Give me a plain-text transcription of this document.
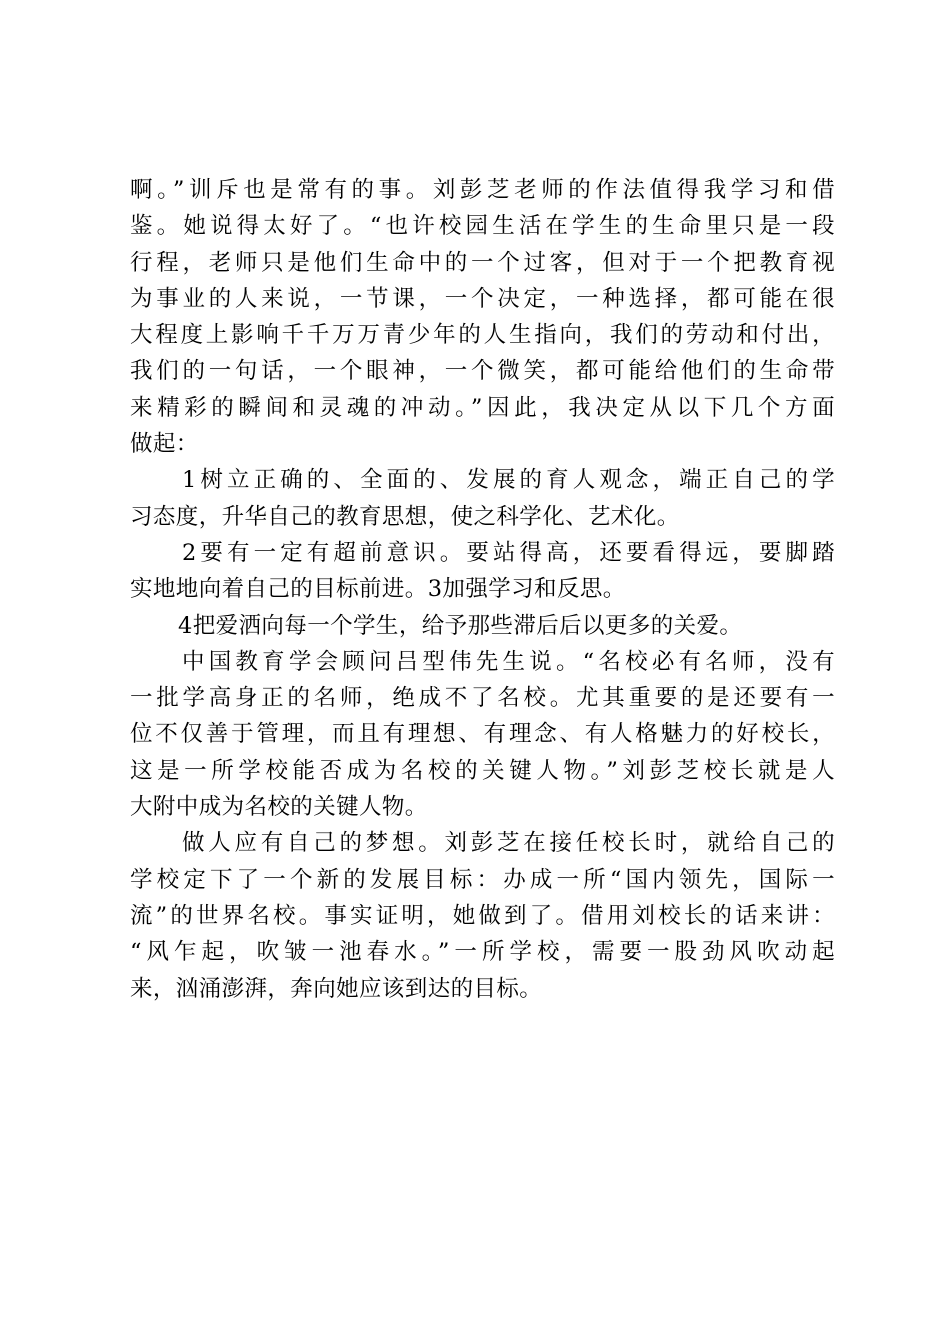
啊。”训斥也是常有的事。刘彭芝老师的作法值得我学习和借
鉴。她说得太好了。“也许校园生活在学生的生命里只是一段
行程，老师只是他们生命中的一个过客，但对于一个把教育视
为事业的人来说，一节课，一个决定，一种选择，都可能在很
大程度上影响千千万万青少年的人生指向，我们的劳动和付出，
我们的一句话，一个眼神，一个微笑，都可能给他们的生命带
来精彩的瞬间和灵魂的冲动。”因此，我决定从以下几个方面
做起：

1树立正确的、全面的、发展的育人观念，端正自己的学
习态度，升华自己的教育思想，使之科学化、艺术化。

2要有一定有超前意识。要站得高，还要看得远，要脚踏
实地地向着自己的目标前进。3加强学习和反思。

4把爱洒向每一个学生，给予那些滞后后以更多的关爱。

中国教育学会顾问吕型伟先生说。“名校必有名师，没有
一批学高身正的名师，绝成不了名校。尤其重要的是还要有一
位不仅善于管理，而且有理想、有理念、有人格魅力的好校长，
这是一所学校能否成为名校的关键人物。”刘彭芝校长就是人
大附中成为名校的关键人物。

做人应有自己的梦想。刘彭芝在接任校长时，就给自己的
学校定下了一个新的发展目标：办成一所“国内领先，国际一
流”的世界名校。事实证明，她做到了。借用刘校长的话来讲：
“风乍起，吹皱一池春水。”一所学校，需要一股劲风吹动起
来，汹涌澎湃，奔向她应该到达的目标。
